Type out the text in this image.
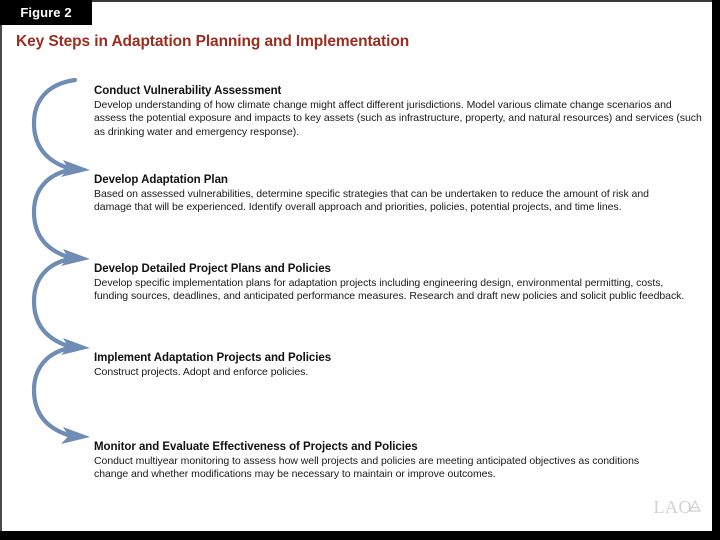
Figure 2
Key Steps in Adaptation Planning and Implementation

Conduct Vulnerability Assessment

Develop understanding of how climate change might affect different jurisdictions. Model various climate change scenarios and assess the potential exposure and impacts to key assets (such as infrastructure, property, and natural resources) and services (such as drinking water and emergency response).

Develop Adaptation Plan

Based on assessed vulnerabilities, determine specific strategies that can be undertaken to reduce the amount of risk and damage that will be experienced. Identify overall approach and priorities, policies, potential projects, and time lines.

Develop Detailed Project Plans and Policies

Develop specific implementation plans for adaptation projects including engineering design, environmental permitting, costs, funding sources, deadlines, and anticipated performance measures. Research and draft new policies and solicit public feedback.

Implement Adaptation Projects and Policies

Construct projects. Adopt and enforce policies.

Monitor and Evaluate Effectiveness of Projects and Policies

Conduct multiyear monitoring to assess how well projects and policies are meeting anticipated objectives as conditions change and whether modifications may be necessary to maintain or improve outcomes.

LAO
